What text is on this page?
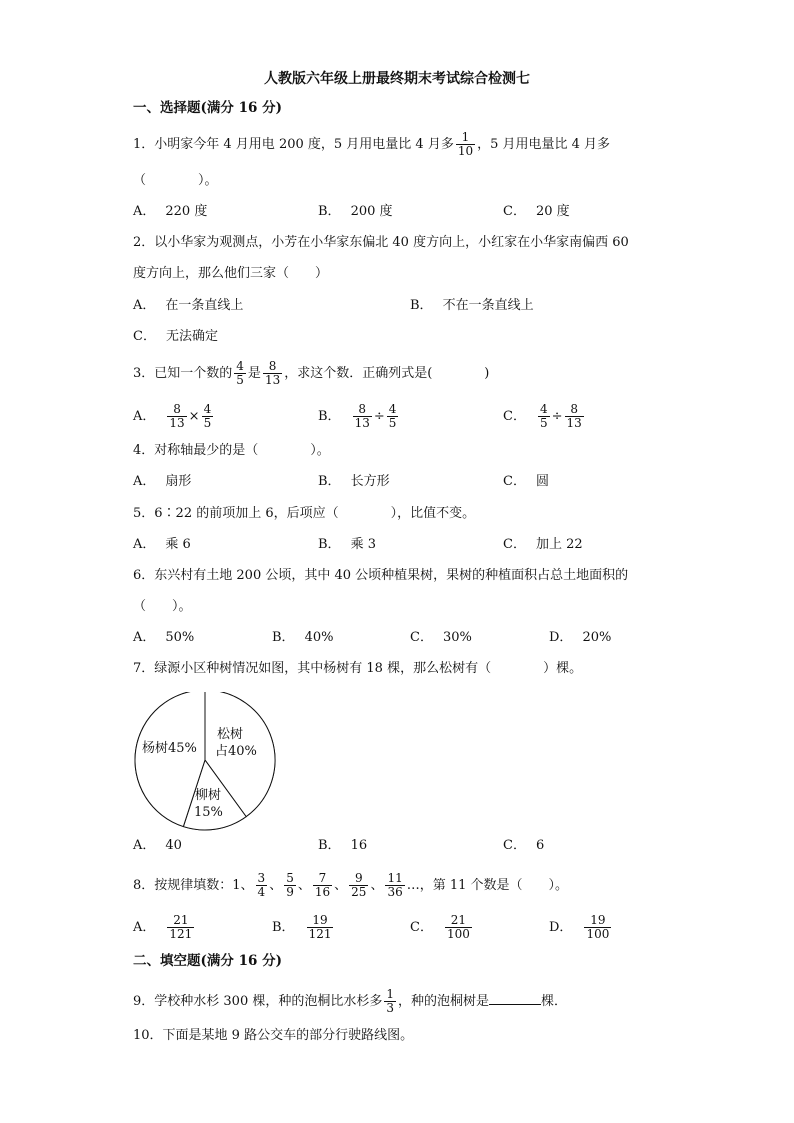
人教版六年级上册最终期末考试综合检测七
一、选择题(满分 16 分)
1．小明家今年 4 月用电 200 度，5 月用电量比 4 月多 $\frac{1}{10}$ ，5 月用电量比 4 月多
（　　　　）。
A． 220 度	B． 200 度	C． 20 度
2．以小华家为观测点，小芳在小华家东偏北 40 度方向上，小红家在小华家南偏西 60
度方向上，那么他们三家（　　）
A． 在一条直线上	B． 不在一条直线上
C． 无法确定
3．已知一个数的 $\frac{4}{5}$ 是 $\frac{8}{13}$ ，求这个数．正确列式是(　　　　)
A． $\frac{8}{13} \times \frac{4}{5}$	B． $\frac{8}{13} \div \frac{4}{5}$	C． $\frac{4}{5} \div \frac{8}{13}$
4．对称轴最少的是（　　　　）。
A． 扇形	B． 长方形	C． 圆
5．6∶22 的前项加上 6，后项应（　　　　），比值不变。
A． 乘 6	B． 乘 3	C． 加上 22
6．东兴村有土地 200 公顷，其中 40 公顷种植果树，果树的种植面积占总土地面积的
（　　）。
A． 50%	B． 40%	C． 30%	D． 20%
7．绿源小区种树情况如图，其中杨树有 18 棵，那么松树有（　　　　）棵。
松树
占40%
柳树
15%
杨树45%
A． 40	B． 16	C． 6
8．按规律填数：1、 $\frac{3}{4}$ 、 $\frac{5}{9}$ 、 $\frac{7}{16}$ 、 $\frac{9}{25}$ 、 $\frac{11}{36}$ …，第 11 个数是（　　）。
A． $\frac{21}{121}$	B． $\frac{19}{121}$	C． $\frac{21}{100}$	D． $\frac{19}{100}$
二、填空题(满分 16 分)
9．学校种水杉 300 棵，种的泡桐比水杉多 $\frac{1}{3}$ ，种的泡桐树是	棵．
10．下面是某地 9 路公交车的部分行驶路线图。
